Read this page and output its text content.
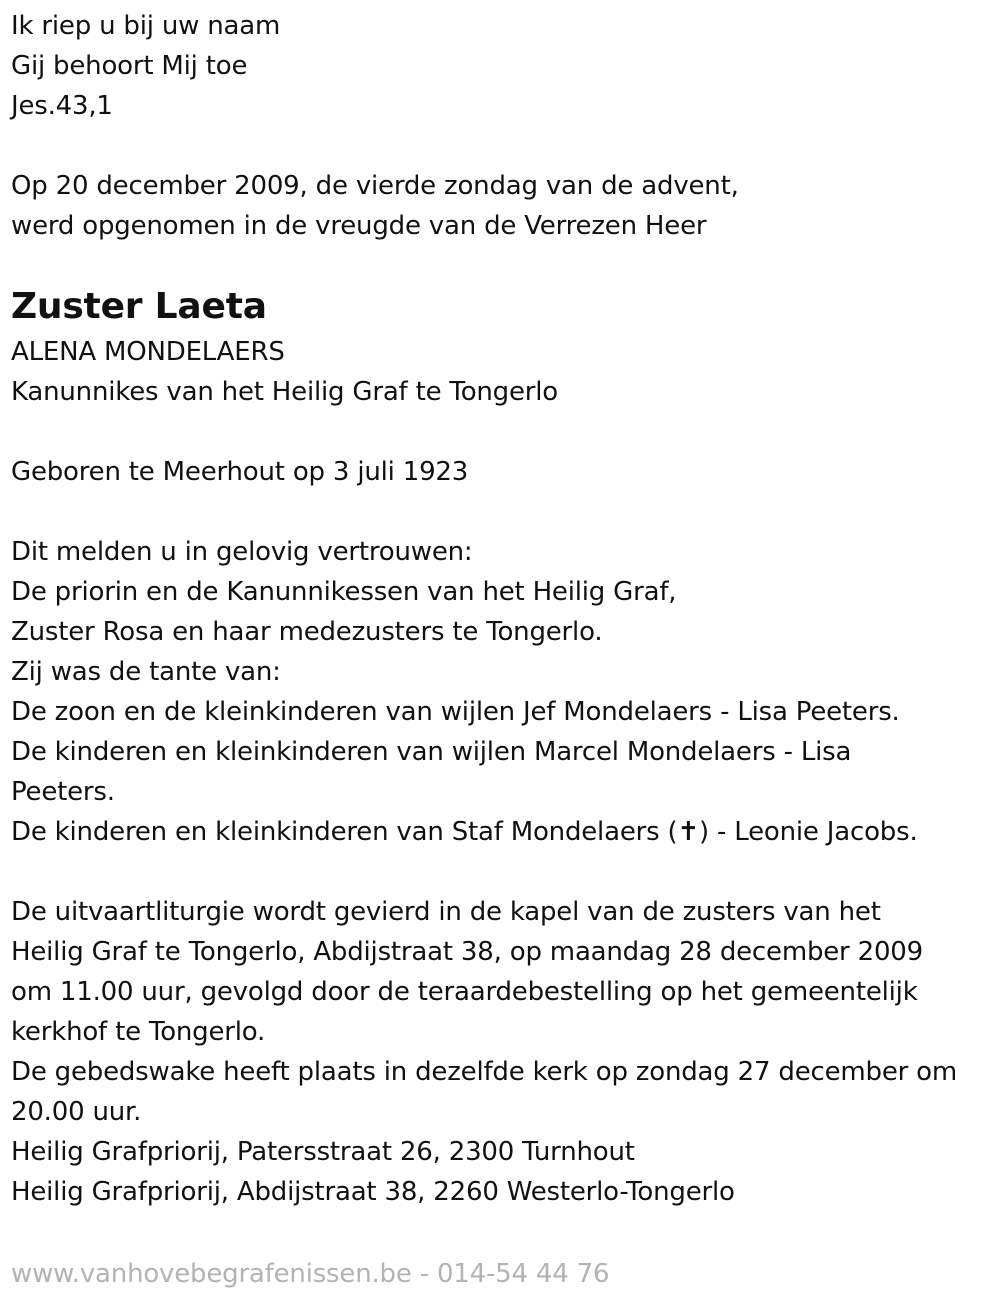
Ik riep u bij uw naam
Gij behoort Mij toe
Jes.43,1
Op 20 december 2009, de vierde zondag van de advent,
werd opgenomen in de vreugde van de Verrezen Heer
Zuster Laeta
ALENA MONDELAERS
Kanunnikes van het Heilig Graf te Tongerlo
Geboren te Meerhout op 3 juli 1923
Dit melden u in gelovig vertrouwen:
De priorin en de Kanunnikessen van het Heilig Graf,
Zuster Rosa en haar medezusters te Tongerlo.
Zij was de tante van:
De zoon en de kleinkinderen van wijlen Jef Mondelaers - Lisa Peeters.
De kinderen en kleinkinderen van wijlen Marcel Mondelaers - Lisa
Peeters.
De kinderen en kleinkinderen van Staf Mondelaers (✝) - Leonie Jacobs.
De uitvaartliturgie wordt gevierd in de kapel van de zusters van het
Heilig Graf te Tongerlo, Abdijstraat 38, op maandag 28 december 2009
om 11.00 uur, gevolgd door de teraardebestelling op het gemeentelijk
kerkhof te Tongerlo.
De gebedswake heeft plaats in dezelfde kerk op zondag 27 december om
20.00 uur.
Heilig Grafpriorij, Patersstraat 26, 2300 Turnhout
Heilig Grafpriorij, Abdijstraat 38, 2260 Westerlo-Tongerlo
www.vanhovebegrafenissen.be - 014-54 44 76
